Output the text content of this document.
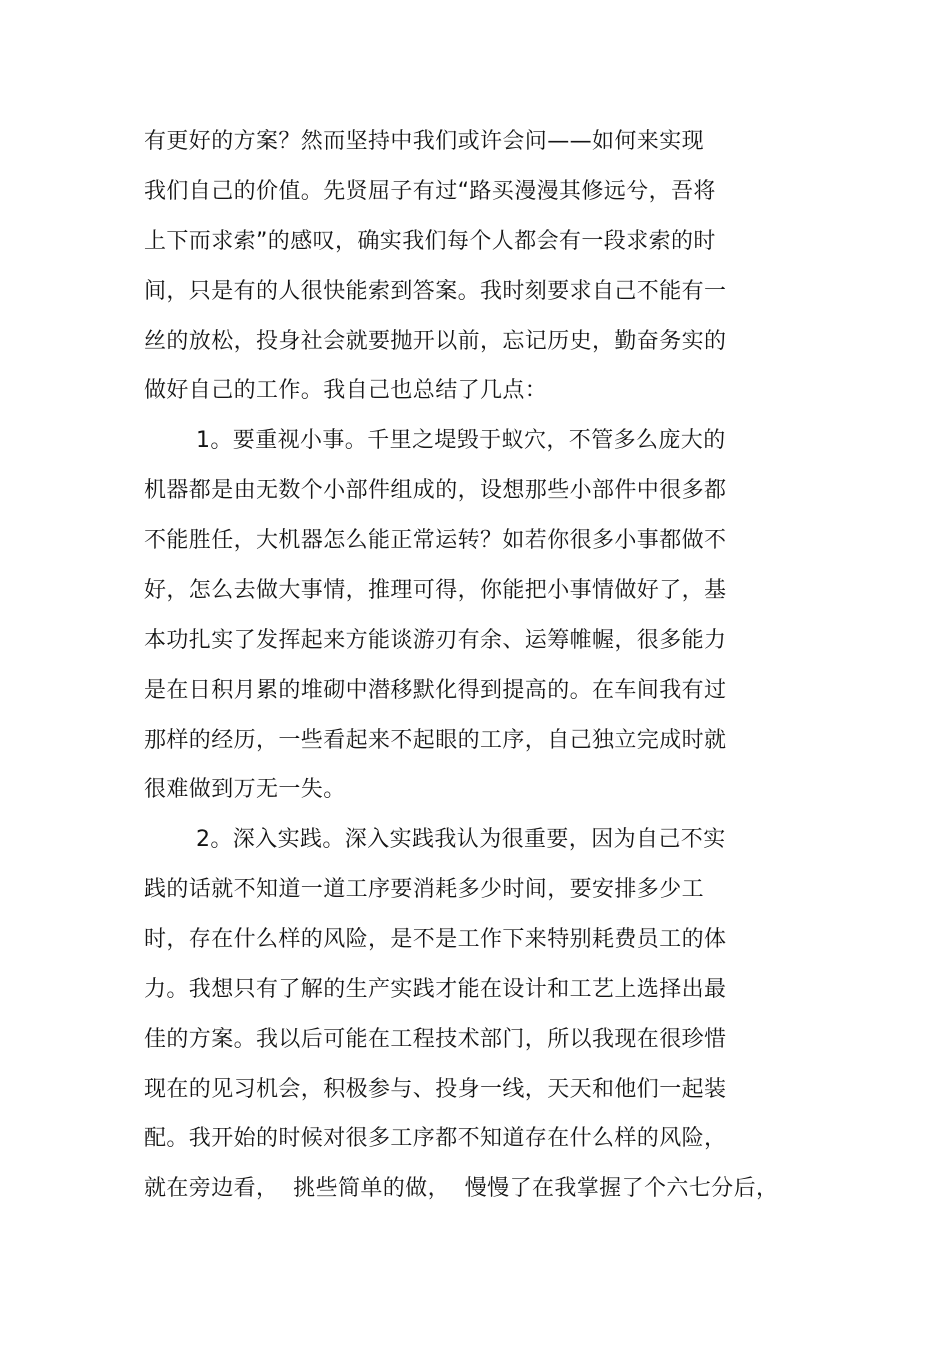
有更好的方案？然而坚持中我们或许会问——如何来实现
我们自己的价值。先贤屈子有过“路买漫漫其修远兮，吾将
上下而求索”的感叹，确实我们每个人都会有一段求索的时
间，只是有的人很快能索到答案。我时刻要求自己不能有一
丝的放松，投身社会就要抛开以前，忘记历史，勤奋务实的
做好自己的工作。我自己也总结了几点：
1。要重视小事。千里之堤毁于蚁穴，不管多么庞大的
机器都是由无数个小部件组成的，设想那些小部件中很多都
不能胜任，大机器怎么能正常运转？如若你很多小事都做不
好，怎么去做大事情，推理可得，你能把小事情做好了，基
本功扎实了发挥起来方能谈游刃有余、运筹帷幄，很多能力
是在日积月累的堆砌中潜移默化得到提高的。在车间我有过
那样的经历，一些看起来不起眼的工序，自己独立完成时就
很难做到万无一失。
2。深入实践。深入实践我认为很重要，因为自己不实
践的话就不知道一道工序要消耗多少时间，要安排多少工
时，存在什么样的风险，是不是工作下来特别耗费员工的体
力。我想只有了解的生产实践才能在设计和工艺上选择出最
佳的方案。我以后可能在工程技术部门，所以我现在很珍惜
现在的见习机会，积极参与、投身一线，天天和他们一起装
配。我开始的时候对很多工序都不知道存在什么样的风险，
就在旁边看，  挑些简单的做，  慢慢了在我掌握了个六七分后，
